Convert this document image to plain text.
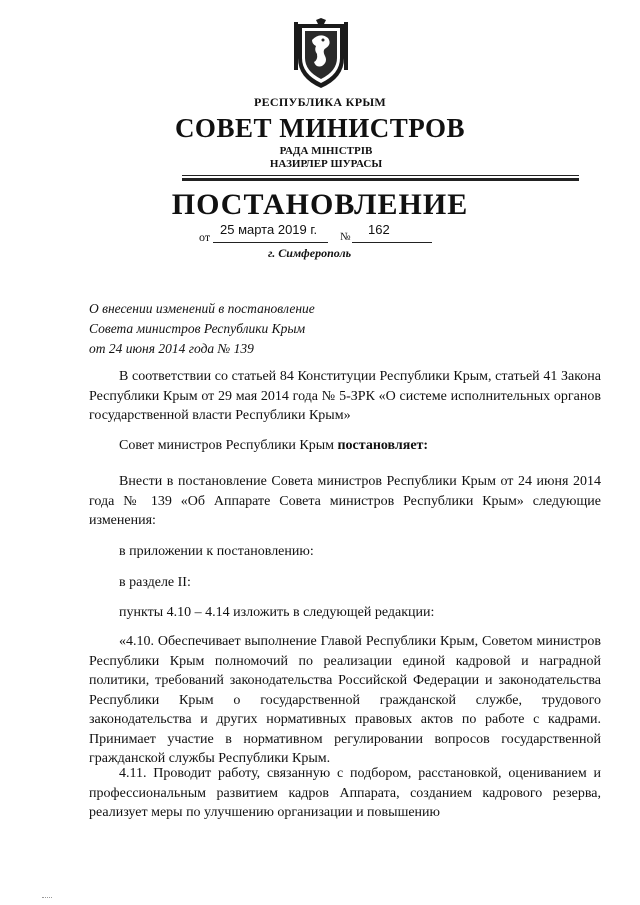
РЕСПУБЛИКА КРЫМ
СОВЕТ МИНИСТРОВ
РАДА МІНІСТРІВ
НАЗИРЛЕР ШУРАСЫ
ПОСТАНОВЛЕНИЕ
от 25 марта 2019 г. № 162
г. Симферополь
О внесении изменений в постановление
Совета министров Республики Крым
от 24 июня 2014 года № 139

В соответствии со статьей 84 Конституции Республики Крым, статьей 41 Закона Республики Крым от 29 мая 2014 года № 5-ЗРК «О системе исполнительных органов государственной власти Республики Крым»

Совет министров Республики Крым постановляет:

Внести в постановление Совета министров Республики Крым от 24 июня 2014 года № 139 «Об Аппарате Совета министров Республики Крым» следующие изменения:

в приложении к постановлению:

в разделе II:

пункты 4.10 – 4.14 изложить в следующей редакции:

«4.10. Обеспечивает выполнение Главой Республики Крым, Советом министров Республики Крым полномочий по реализации единой кадровой и наградной политики, требований законодательства Российской Федерации и законодательства Республики Крым о государственной гражданской службе, трудового законодательства и других нормативных правовых актов по работе с кадрами. Принимает участие в нормативном регулировании вопросов государственной гражданской службы Республики Крым.

4.11. Проводит работу, связанную с подбором, расстановкой, оцениванием и профессиональным развитием кадров Аппарата, созданием кадрового резерва, реализует меры по улучшению организации и повышению
